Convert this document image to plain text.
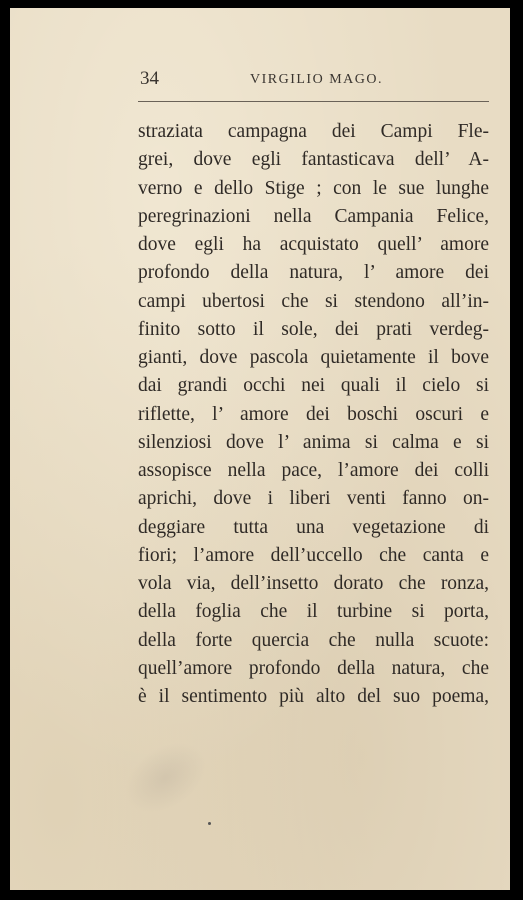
34	VIRGILIO MAGO.
straziata campagna dei Campi Fle-
grei, dove egli fantasticava dell’ A-
verno e dello Stige ; con le sue lunghe
peregrinazioni nella Campania Felice,
dove egli ha acquistato quell’ amore
profondo della natura, l’ amore dei
campi ubertosi che si stendono all’in-
finito sotto il sole, dei prati verdeg-
gianti, dove pascola quietamente il bove
dai grandi occhi nei quali il cielo si
riflette, l’ amore dei boschi oscuri e
silenziosi dove l’ anima si calma e si
assopisce nella pace, l’amore dei colli
aprichi, dove i liberi venti fanno on-
deggiare tutta una vegetazione di
fiori; l’amore dell’uccello che canta e
vola via, dell’insetto dorato che ronza,
della foglia che il turbine si porta,
della forte quercia che nulla scuote:
quell’amore profondo della natura, che
è il sentimento più alto del suo poema,
